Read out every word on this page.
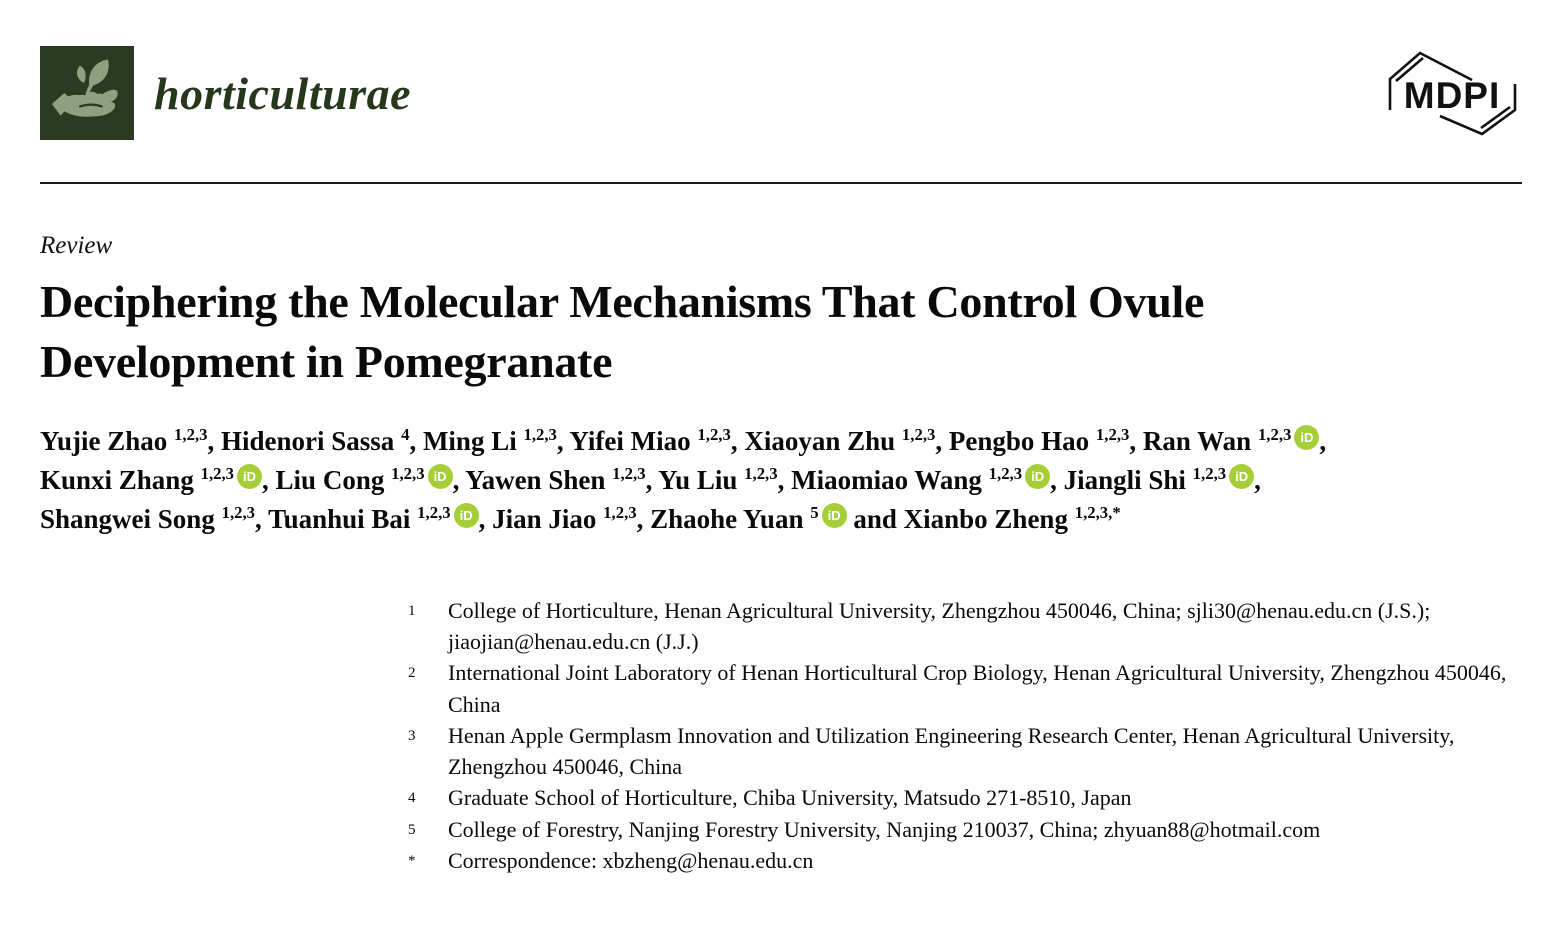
horticulturae	MDPI
Review
Deciphering the Molecular Mechanisms That Control Ovule
Development in Pomegranate
Yujie Zhao $^{1,2,3}$, Hidenori Sassa $^4$, Ming Li $^{1,2,3}$, Yifei Miao $^{1,2,3}$, Xiaoyan Zhu $^{1,2,3}$, Pengbo Hao $^{1,2,3}$, Ran Wan $^{1,2,3}$ iD ,
Kunxi Zhang $^{1,2,3}$ iD , Liu Cong $^{1,2,3}$ iD , Yawen Shen $^{1,2,3}$, Yu Liu $^{1,2,3}$, Miaomiao Wang $^{1,2,3}$ iD , Jiangli Shi $^{1,2,3}$ iD ,
Shangwei Song $^{1,2,3}$, Tuanhui Bai $^{1,2,3}$ iD , Jian Jiao $^{1,2,3}$, Zhaohe Yuan $^5$ iD and Xianbo Zheng $^{1,2,3,*}$
1	College of Horticulture, Henan Agricultural University, Zhengzhou 450046, China; sjli30@henau.edu.cn (J.S.); jiaojian@henau.edu.cn (J.J.)
2	International Joint Laboratory of Henan Horticultural Crop Biology, Henan Agricultural University, Zhengzhou 450046, China
3	Henan Apple Germplasm Innovation and Utilization Engineering Research Center, Henan Agricultural University, Zhengzhou 450046, China
4	Graduate School of Horticulture, Chiba University, Matsudo 271-8510, Japan
5	College of Forestry, Nanjing Forestry University, Nanjing 210037, China; zhyuan88@hotmail.com
*	Correspondence: xbzheng@henau.edu.cn
